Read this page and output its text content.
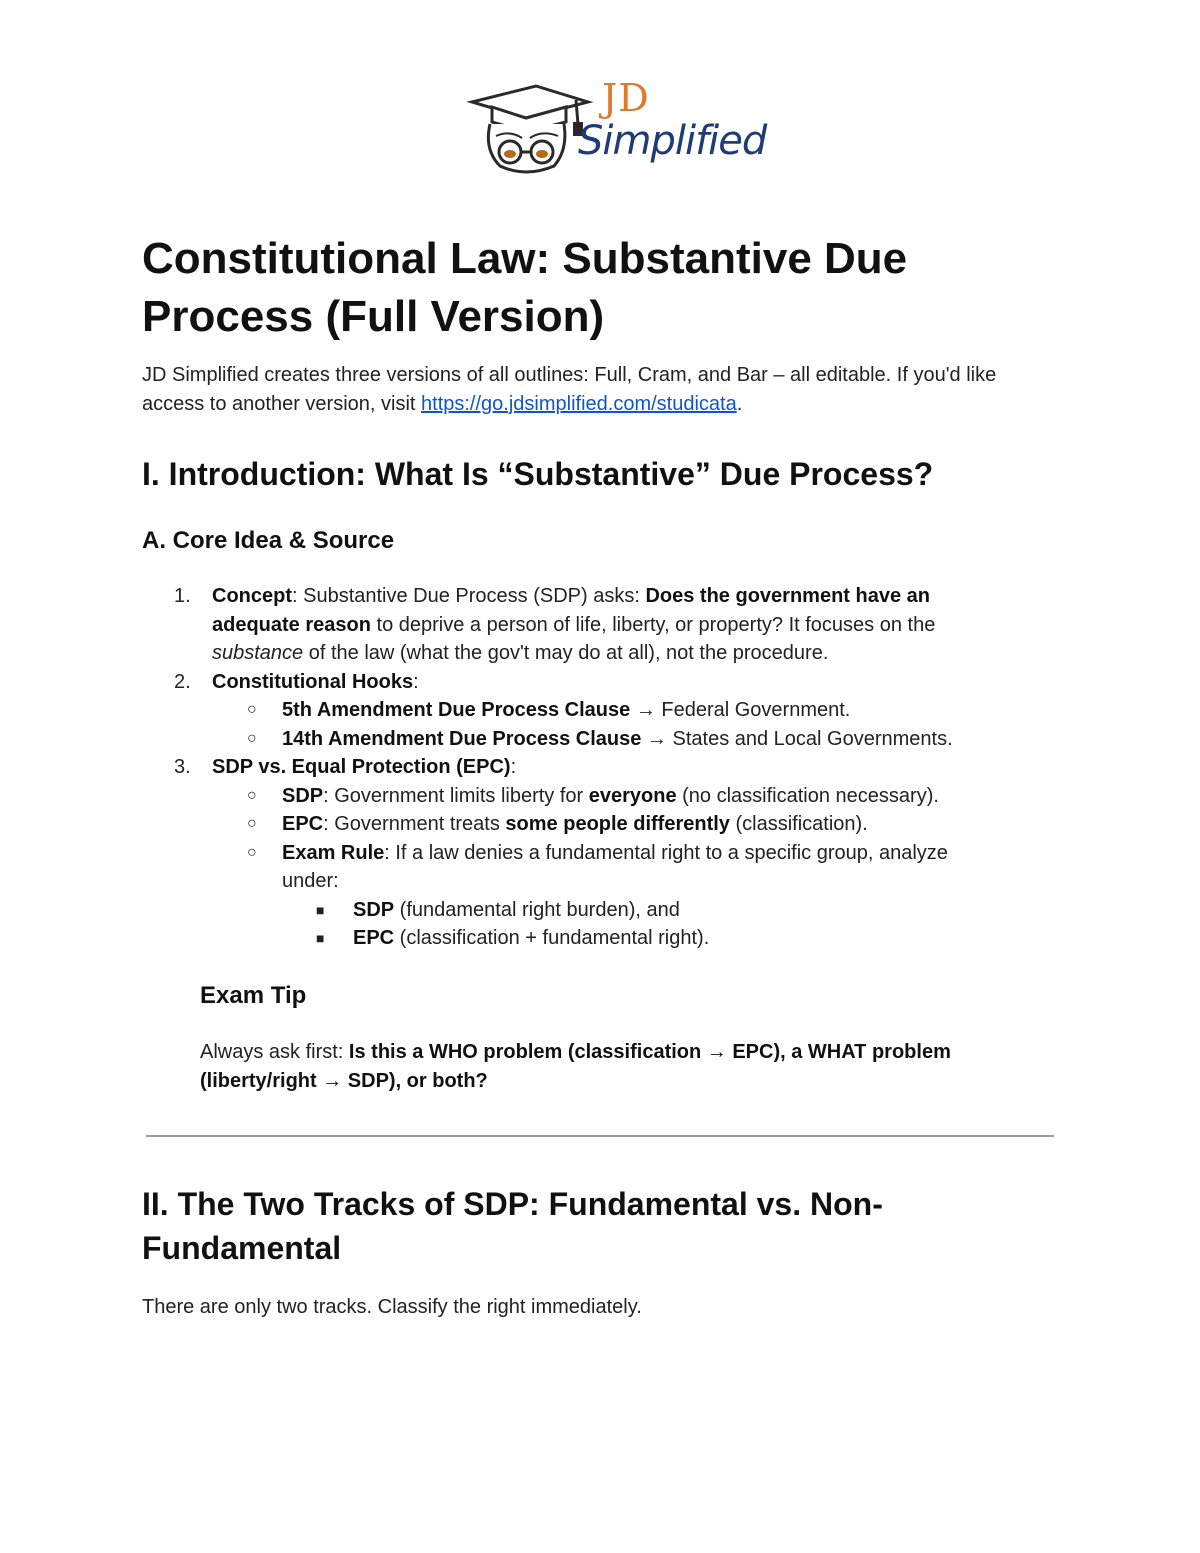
JD
Simplified
Constitutional Law: Substantive Due Process (Full Version)

JD Simplified creates three versions of all outlines: Full, Cram, and Bar – all editable. If you'd like access to another version, visit https://go.jdsimplified.com/studicata.

I. Introduction: What Is “Substantive” Due Process?
A. Core Idea & Source
1.	Concept: Substantive Due Process (SDP) asks: Does the government have an
adequate reason to deprive a person of life, liberty, or property? It focuses on the
substance of the law (what the gov't may do at all), not the procedure.
2.	Constitutional Hooks:
○ 5th Amendment Due Process Clause → Federal Government.
○ 14th Amendment Due Process Clause → States and Local Governments.
3.	SDP vs. Equal Protection (EPC):
○ SDP: Government limits liberty for everyone (no classification necessary).
○ EPC: Government treats some people differently (classification).
○ Exam Rule: If a law denies a fundamental right to a specific group, analyze
under:
■ SDP (fundamental right burden), and
■ EPC (classification + fundamental right).
Exam Tip

Always ask first: Is this a WHO problem (classification → EPC), a WHAT problem (liberty/right → SDP), or both?

II. The Two Tracks of SDP: Fundamental vs. Non-Fundamental

There are only two tracks. Classify the right immediately.
